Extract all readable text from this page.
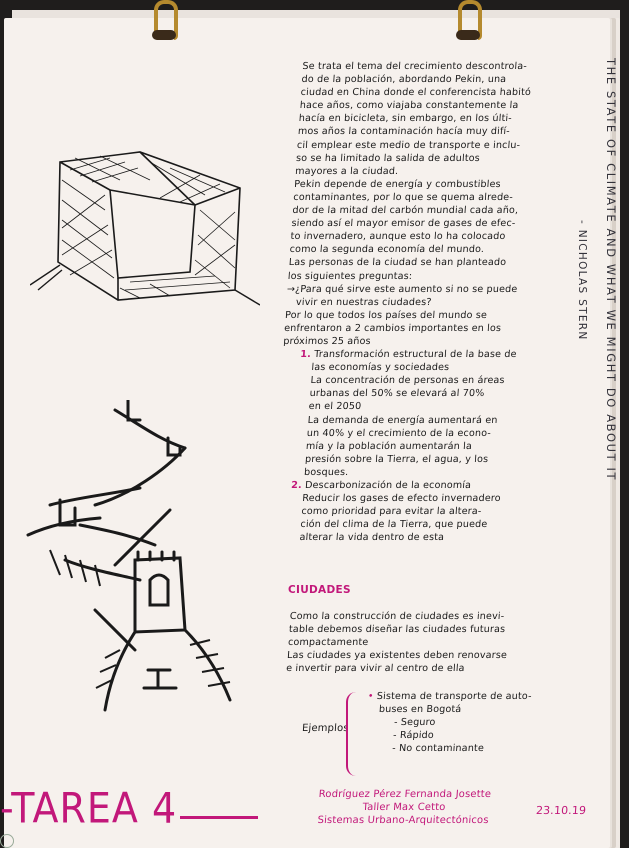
THE STATE OF CLIMATE AND WHAT WE MIGHT DO ABOUT IT
- NICHOLAS STERN

Se trata el tema del crecimiento descontrola-

do de la población, abordando Pekin, una

ciudad en China donde el conferencista habitó

hace años, como viajaba constantemente la

hacía en bicicleta, sin embargo, en los últi-

mos años la contaminación hacía muy difí-

cil emplear este medio de transporte e inclu-

so se ha limitado la salida de adultos

mayores a la ciudad.

Pekin depende de energía y combustibles

contaminantes, por lo que se quema alrede-

dor de la mitad del carbón mundial cada año,

siendo así el mayor emisor de gases de efec-

to invernadero, aunque esto lo ha colocado

como la segunda economía del mundo.

Las personas de la ciudad se han planteado

los siguientes preguntas:

→¿Para qué sirve este aumento si no se puede

vivir en nuestras ciudades?

Por lo que todos los países del mundo se

enfrentaron a 2 cambios importantes en los

próximos 25 años

1. Transformación estructural de la base de

las economías y sociedades

La concentración de personas en áreas

urbanas del 50% se elevará al 70%

en el 2050

La demanda de energía aumentará en

un 40% y el crecimiento de la econo-

mía y la población aumentarán la

presión sobre la Tierra, el agua, y los

bosques.

2. Descarbonización de la economía

Reducir los gases de efecto invernadero

como prioridad para evitar la altera-

ción del clima de la Tierra, que puede

alterar la vida dentro de esta

CIUDADES

Como la construcción de ciudades es inevi-

table debemos diseñar las ciudades futuras

compactamente

Las ciudades ya existentes deben renovarse

e invertir para vivir al centro de ella

Ejemplos

• Sistema de transporte de auto-

buses en Bogotá

- Seguro

- Rápido

- No contaminante

-TAREA 4	Rodríguez Pérez Fernanda Josette
Taller Max Cetto
Sistemas Urbano-Arquitectónicos
23.10.19
